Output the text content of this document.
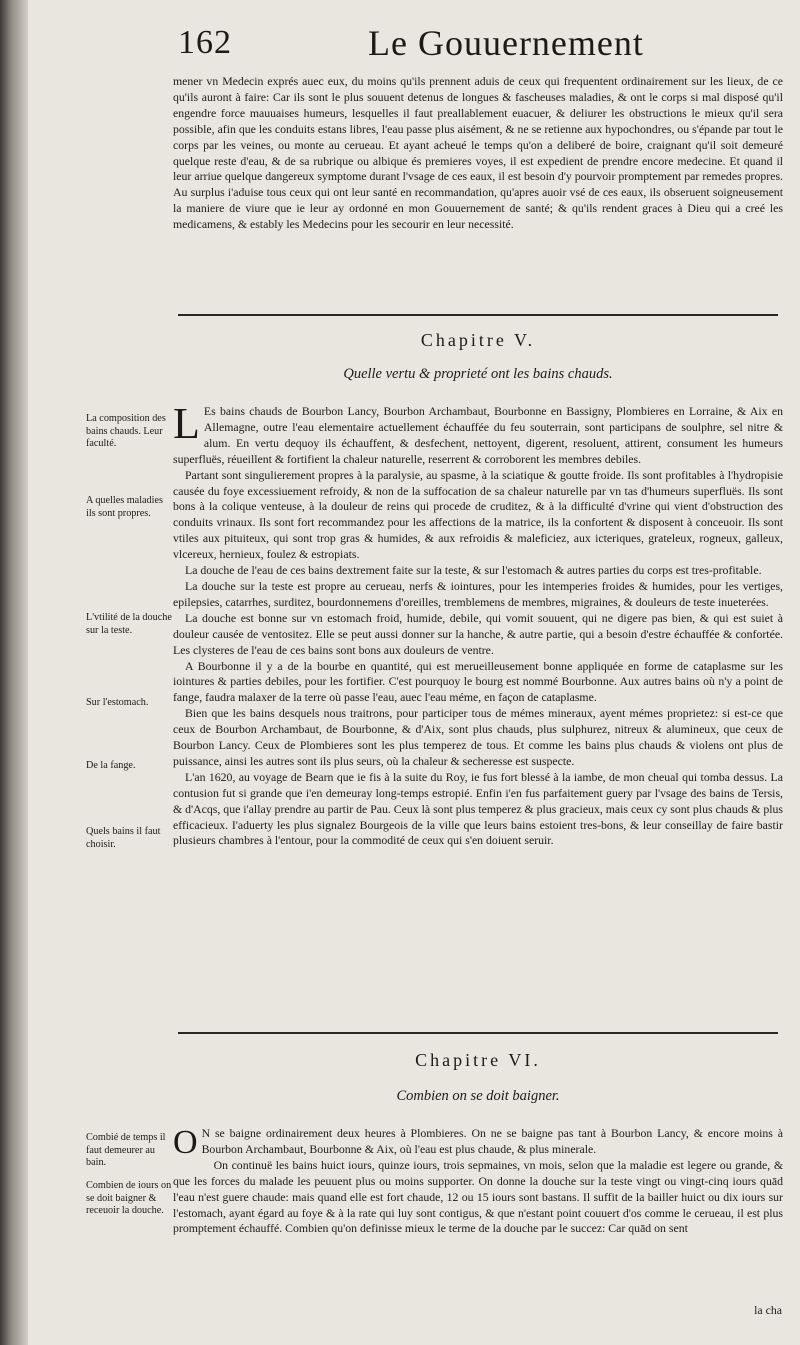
162	Le Gouuernement

mener vn Medecin exprés auec eux, du moins qu'ils prennent aduis de ceux qui frequentent ordinairement sur les lieux, de ce qu'ils auront à faire: Car ils sont le plus souuent detenus de longues & fascheuses maladies, & ont le corps si mal disposé qu'il engendre force mauuaises humeurs, lesquelles il faut preallablement euacuer, & deliurer les obstructions le mieux qu'il sera possible, afin que les conduits estans libres, l'eau passe plus aisément, & ne se retienne aux hypochondres, ou s'épande par tout le corps par les veines, ou monte au cerueau. Et ayant acheué le temps qu'on a deliberé de boire, craignant qu'il soit demeuré quelque reste d'eau, & de sa rubrique ou albique és premieres voyes, il est expedient de prendre encore medecine. Et quand il leur arriue quelque dangereux symptome durant l'vsage de ces eaux, il est besoin d'y pourvoir promptement par remedes propres. Au surplus i'aduise tous ceux qui ont leur santé en recommandation, qu'apres auoir vsé de ces eaux, ils obseruent soigneusement la maniere de viure que ie leur ay ordonné en mon Gouuernement de santé; & qu'ils rendent graces à Dieu qui a creé les medicamens, & estably les Medecins pour les secourir en leur necessité.

Chapitre V.
Quelle vertu & proprieté ont les bains chauds.
La composition des bains chauds. Leur faculté.
A quelles maladies ils sont propres.
L'vtilité de la douche sur la teste.
Sur l'estomach.
De la fange.
Quels bains il faut choisir.

L Es bains chauds de Bourbon Lancy, Bourbon Archambaut, Bourbonne en Bassigny, Plombieres en Lorraine, & Aix en Allemagne, outre l'eau elementaire actuellement échauffée du feu souterrain, sont participans de soulphre, sel nitre & alum. En vertu dequoy ils échauffent, & desfechent, nettoyent, digerent, resoluent, attirent, consument les humeurs superfluës, réueillent & fortifient la chaleur naturelle, reserrent & corroborent les membres debiles.

Partant sont singulierement propres à la paralysie, au spasme, à la sciatique & goutte froide. Ils sont profitables à l'hydropisie causée du foye excessiuement refroidy, & non de la suffocation de sa chaleur naturelle par vn tas d'humeurs superfluës. Ils sont bons à la colique venteuse, à la douleur de reins qui procede de cruditez, & à la difficulté d'vrine qui vient d'obstruction des conduits vrinaux. Ils sont fort recommandez pour les affections de la matrice, ils la confortent & disposent à conceuoir. Ils sont vtiles aux pituiteux, qui sont trop gras & humides, & aux refroidis & maleficiez, aux icteriques, grateleux, rogneux, galleux, vlcereux, hernieux, foulez & estropiats.

La douche de l'eau de ces bains dextrement faite sur la teste, & sur l'estomach & autres parties du corps est tres-profitable.

La douche sur la teste est propre au cerueau, nerfs & iointures, pour les intemperies froides & humides, pour les vertiges, epilepsies, catarrhes, surditez, bourdonnemens d'oreilles, tremblemens de membres, migraines, & douleurs de teste inueterées.

La douche est bonne sur vn estomach froid, humide, debile, qui vomit souuent, qui ne digere pas bien, & qui est suiet à douleur causée de ventositez. Elle se peut aussi donner sur la hanche, & autre partie, qui a besoin d'estre échauffée & confortée. Les clysteres de l'eau de ces bains sont bons aux douleurs de ventre.

A Bourbonne il y a de la bourbe en quantité, qui est merueilleusement bonne appliquée en forme de cataplasme sur les iointures & parties debiles, pour les fortifier. C'est pourquoy le bourg est nommé Bourbonne. Aux autres bains où n'y a point de fange, faudra malaxer de la terre où passe l'eau, auec l'eau méme, en façon de cataplasme.

Bien que les bains desquels nous traitrons, pour participer tous de mémes mineraux, ayent mémes proprietez: si est-ce que ceux de Bourbon Archambaut, de Bourbonne, & d'Aix, sont plus chauds, plus sulphurez, nitreux & alumineux, que ceux de Bourbon Lancy. Ceux de Plombieres sont les plus temperez de tous. Et comme les bains plus chauds & violens ont plus de puissance, ainsi les autres sont ils plus seurs, où la chaleur & secheresse est suspecte.

L'an 1620, au voyage de Bearn que ie fis à la suite du Roy, ie fus fort blessé à la iambe, de mon cheual qui tomba dessus. La contusion fut si grande que i'en demeuray long-temps estropié. Enfin i'en fus parfaitement guery par l'vsage des bains de Tersis, & d'Acqs, que i'allay prendre au partir de Pau. Ceux là sont plus temperez & plus gracieux, mais ceux cy sont plus chauds & plus efficacieux. I'aduerty les plus signalez Bourgeois de la ville que leurs bains estoient tres-bons, & leur conseillay de faire bastir plusieurs chambres à l'entour, pour la commodité de ceux qui s'en doiuent seruir.

Chapitre VI.
Combien on se doit baigner.
Combié de temps il faut demeurer au bain.
Combien de iours on se doit baigner & receuoir la douche.

O N se baigne ordinairement deux heures à Plombieres. On ne se baigne pas tant à Bourbon Lancy, & encore moins à Bourbon Archambaut, Bourbonne & Aix, où l'eau est plus chaude, & plus minerale.

On continuë les bains huict iours, quinze iours, trois sepmaines, vn mois, selon que la maladie est legere ou grande, & que les forces du malade les peuuent plus ou moins supporter. On donne la douche sur la teste vingt ou vingt-cinq iours quād l'eau n'est guere chaude: mais quand elle est fort chaude, 12 ou 15 iours sont bastans. Il suffit de la bailler huict ou dix iours sur l'estomach, ayant égard au foye & à la rate qui luy sont contigus, & que n'estant point couuert d'os comme le cerueau, il est plus promptement échauffé. Combien qu'on definisse mieux le terme de la douche par le succez: Car quād on sent

la cha
